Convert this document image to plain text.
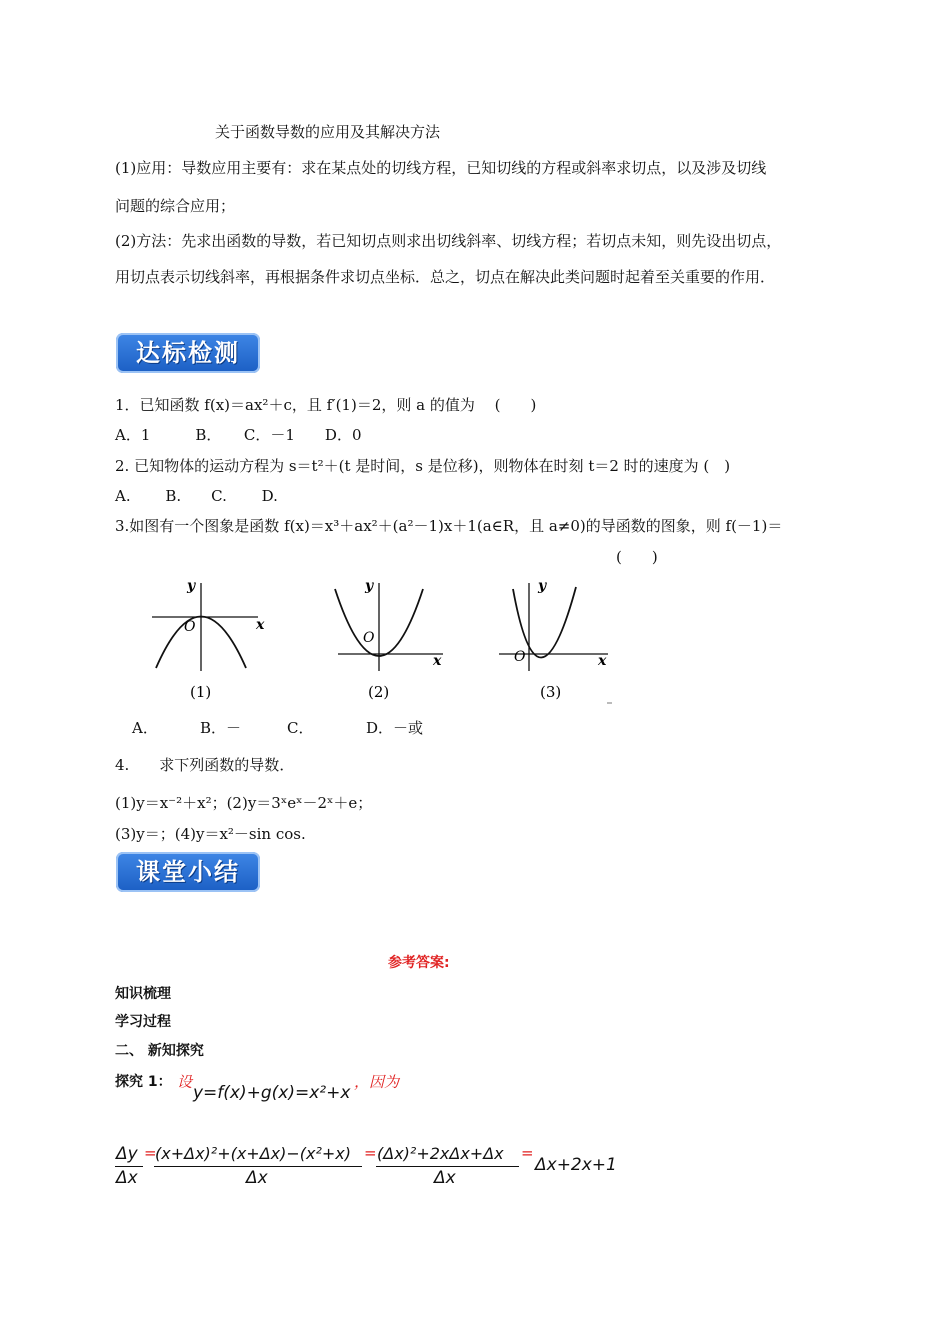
关于函数导数的应用及其解决方法
(1)应用：导数应用主要有：求在某点处的切线方程，已知切线的方程或斜率求切点，以及涉及切线
问题的综合应用；
(2)方法：先求出函数的导数，若已知切点则求出切线斜率、切线方程；若切点未知，则先设出切点，
用切点表示切线斜率，再根据条件求切点坐标．总之，切点在解决此类问题时起着至关重要的作用．
达标检测
1．已知函数 f(x)＝ax²＋c，且 f′(1)＝2，则 a 的值为　 (　　)
A．1　　　B．　　C．－1　　D．0
2. 已知物体的运动方程为 s＝t²＋(t 是时间，s 是位移)，则物体在时刻 t＝2 时的速度为 (　)
A.　　 B.　　C.　　 D.
3.如图有一个图象是函数 f(x)＝x³＋ax²＋(a²－1)x＋1(a∈R，且 a≠0)的导函数的图象，则 f(－1)＝
(　　)
O	x
y
(1)
O
x
y
(2)
O	x
y
(3)
A．	B．－	C．	D．－或
4.　　求下列函数的导数．
(1)y＝x⁻²＋x²；(2)y＝3ˣeˣ－2ˣ＋e；
(3)y＝；(4)y＝x²－sin cos.
课堂小结
参考答案:
知识梳理
学习过程
二、 新知探究
探究 1： 设
y=f(x)+g(x)=x²+x
，因为
Δy
Δx
=
(x+Δx)²+(x+Δx)−(x²+x)
Δx
= (Δx)²+2xΔx+Δx
Δx
=
Δx+2x+1
